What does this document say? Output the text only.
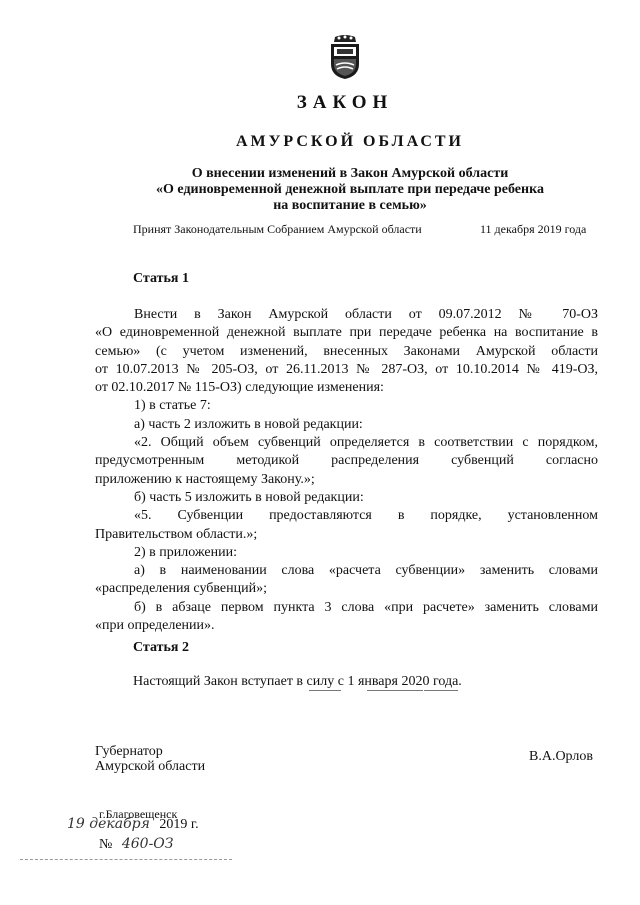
ЗАКОН
АМУРСКОЙ ОБЛАСТИ
О внесении изменений в Закон Амурской области
«О единовременной денежной выплате при передаче ребенка
на воспитание в семью»
Принят Законодательным Собранием Амурской области	11 декабря 2019 года
Статья 1

Внести в Закон Амурской области от 09.07.2012 № 70-ОЗ

«О единовременной денежной выплате при передаче ребенка на воспитание в

семью» (с учетом изменений, внесенных Законами Амурской области

от 10.07.2013 № 205-ОЗ, от 26.11.2013 № 287-ОЗ, от 10.10.2014 № 419-ОЗ,

от 02.10.2017 № 115-ОЗ) следующие изменения:

1) в статье 7:

а) часть 2 изложить в новой редакции:

«2. Общий объем субвенций определяется в соответствии с порядком,

предусмотренным методикой распределения субвенций согласно

приложению к настоящему Закону.»;

б) часть 5 изложить в новой редакции:

«5. Субвенции предоставляются в порядке, установленном

Правительством области.»;

2) в приложении:

а) в наименовании слова «расчета субвенции» заменить словами

«распределения субвенций»;

б) в абзаце первом пункта 3 слова «при расчете» заменить словами

«при определении».

Статья 2
Настоящий Закон вступает в силу с 1 января 2020 года.
Губернатор
Амурской области
В.А.Орлов
г.Благовещенск
19 декабря 2019 г.
№ 460-ОЗ
